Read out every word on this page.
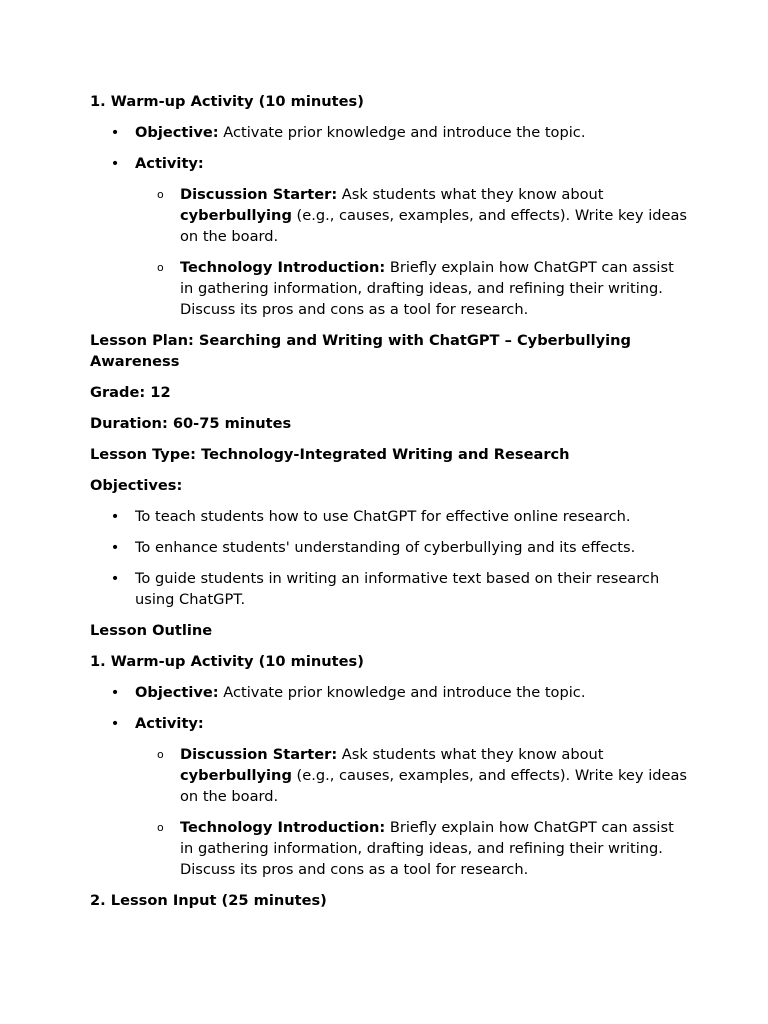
1. Warm-up Activity (10 minutes)

• Objective: Activate prior knowledge and introduce the topic.
• Activity:
o Discussion Starter: Ask students what they know about cyberbullying (e.g., causes, examples, and effects). Write key ideas on the board.
o Technology Introduction: Briefly explain how ChatGPT can assist in gathering information, drafting ideas, and refining their writing. Discuss its pros and cons as a tool for research.

Lesson Plan: Searching and Writing with ChatGPT – Cyberbullying Awareness

Grade: 12

Duration: 60-75 minutes

Lesson Type: Technology-Integrated Writing and Research

Objectives:

• To teach students how to use ChatGPT for effective online research.
• To enhance students' understanding of cyberbullying and its effects.
• To guide students in writing an informative text based on their research using ChatGPT.

Lesson Outline

1. Warm-up Activity (10 minutes)

• Objective: Activate prior knowledge and introduce the topic.
• Activity:
o Discussion Starter: Ask students what they know about cyberbullying (e.g., causes, examples, and effects). Write key ideas on the board.
o Technology Introduction: Briefly explain how ChatGPT can assist in gathering information, drafting ideas, and refining their writing. Discuss its pros and cons as a tool for research.

2. Lesson Input (25 minutes)
